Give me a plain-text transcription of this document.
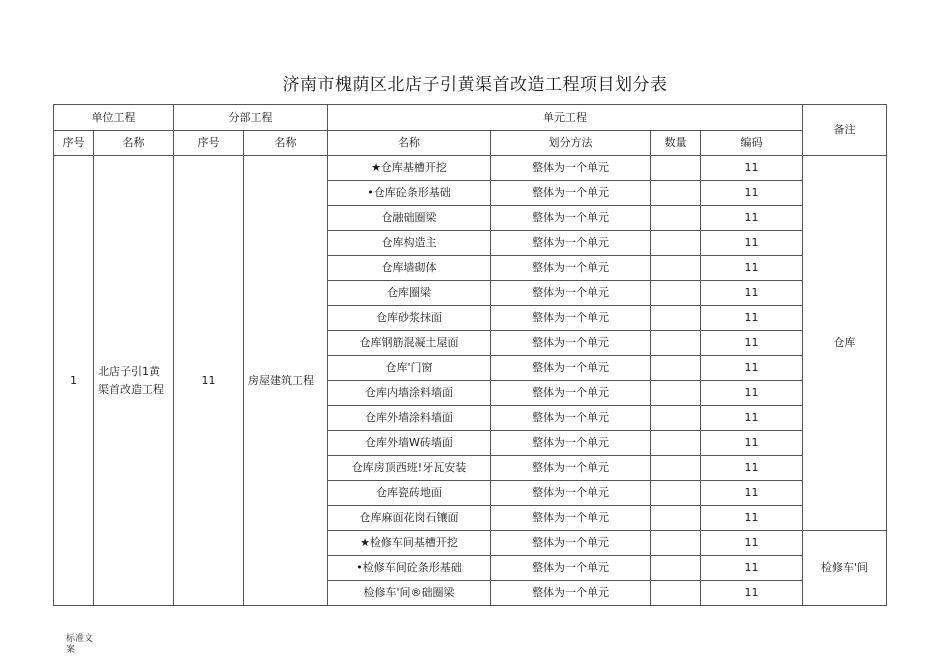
济南市槐荫区北店子引黄渠首改造工程项目划分表
单位工程		分部工程		单元工程				备注
序号	名称	序号	名称	名称	划分方法	数量	编码	
1	北店子引1黄渠首改造工程	11	房屋建筑工程	★仓库基槽开挖	整体为一个单元		11	仓库
				•仓库砼条形基础	整体为一个单元		11	
				仓融础圈梁	整体为一个单元		11	
				仓库构造主	整体为一个单元		11	
				仓库墙砌体	整体为一个单元		11	
				仓库圈梁	整体为一个单元		11	
				仓库砂浆抹面	整体为一个单元		11	
				仓库钢筋混凝土屋面	整体为一个单元		11	
				仓库'门窗	整体为一个单元		11	
				仓库内墙涂料墙面	整体为一个单元		11	
				仓库外墙涂料墙面	整体为一个单元		11	
				仓库外墙W砖墙面	整体为一个单元		11	
				仓库房顶西班!牙瓦安装	整体为一个单元		11	
				仓库瓷砖地面	整体为一个单元		11	
				仓库麻面花岗石镶面	整体为一个单元		11	
				★检修车间基槽开挖	整体为一个单元		11	检修车'间
				•检修车间砼条形基础	整体为一个单元		11	
				检修车'间®础圈梁	整体为一个单元		11	
标准文
案
